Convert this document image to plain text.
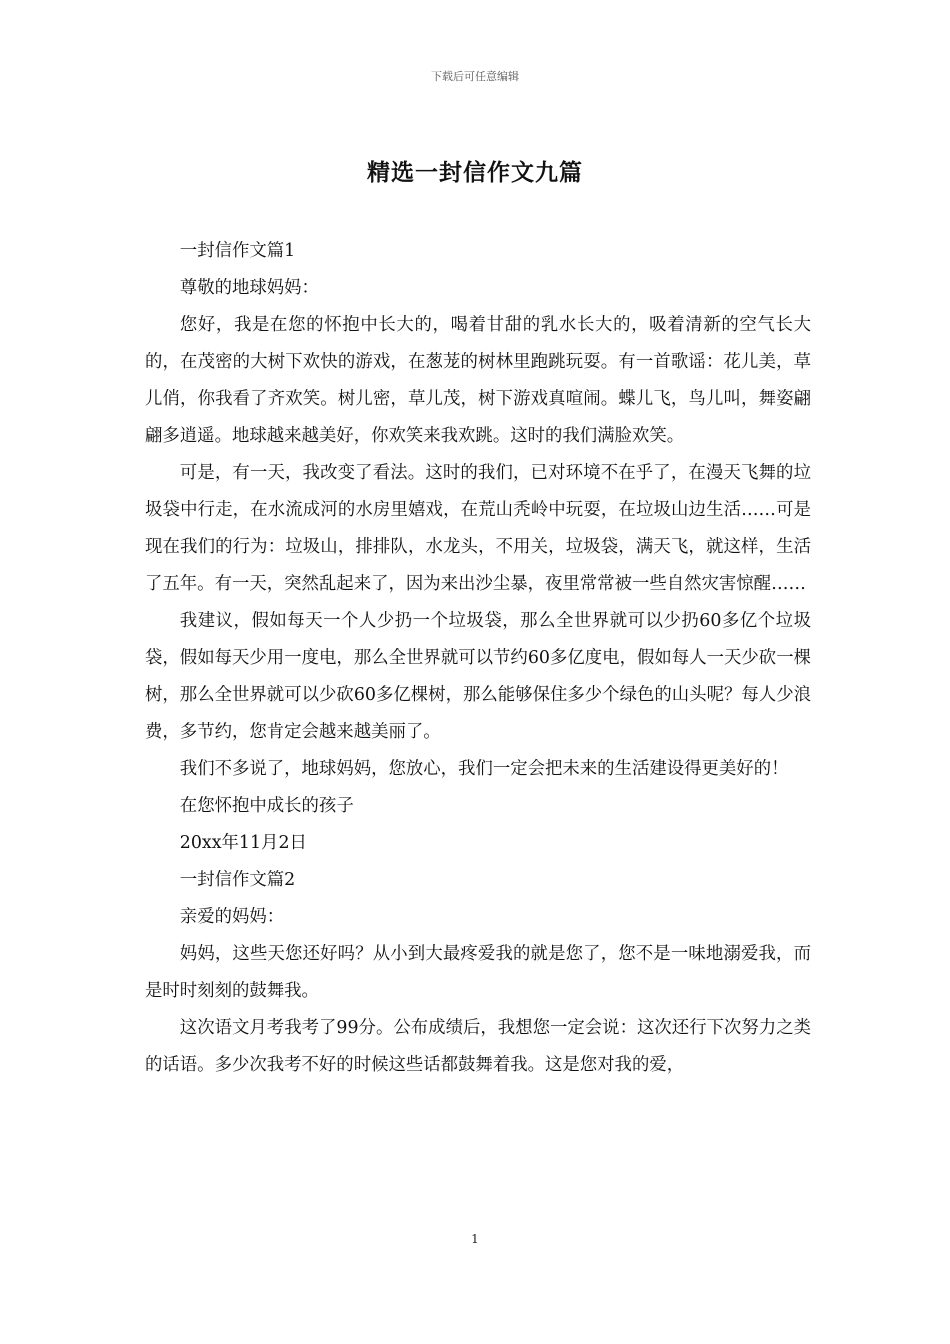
下载后可任意编辑
精选一封信作文九篇

一封信作文篇1

尊敬的地球妈妈：

您好，我是在您的怀抱中长大的，喝着甘甜的乳水长大的，吸着清新的空气长大的，在茂密的大树下欢快的游戏，在葱茏的树林里跑跳玩耍。有一首歌谣：花儿美，草儿俏，你我看了齐欢笑。树儿密，草儿茂，树下游戏真喧闹。蝶儿飞，鸟儿叫，舞姿翩翩多逍遥。地球越来越美好，你欢笑来我欢跳。这时的我们满脸欢笑。

可是，有一天，我改变了看法。这时的我们，已对环境不在乎了，在漫天飞舞的垃圾袋中行走，在水流成河的水房里嬉戏，在荒山秃岭中玩耍，在垃圾山边生活……可是现在我们的行为：垃圾山，排排队，水龙头，不用关，垃圾袋，满天飞，就这样，生活了五年。有一天，突然乱起来了，因为来出沙尘暴，夜里常常被一些自然灾害惊醒……

我建议，假如每天一个人少扔一个垃圾袋，那么全世界就可以少扔60多亿个垃圾袋，假如每天少用一度电，那么全世界就可以节约60多亿度电，假如每人一天少砍一棵树，那么全世界就可以少砍60多亿棵树，那么能够保住多少个绿色的山头呢？每人少浪费，多节约，您肯定会越来越美丽了。

我们不多说了，地球妈妈，您放心，我们一定会把未来的生活建设得更美好的！

在您怀抱中成长的孩子

20xx年11月2日

一封信作文篇2

亲爱的妈妈：

妈妈，这些天您还好吗？从小到大最疼爱我的就是您了，您不是一味地溺爱我，而是时时刻刻的鼓舞我。

这次语文月考我考了99分。公布成绩后，我想您一定会说：这次还行下次努力之类的话语。多少次我考不好的时候这些话都鼓舞着我。这是您对我的爱，

1
